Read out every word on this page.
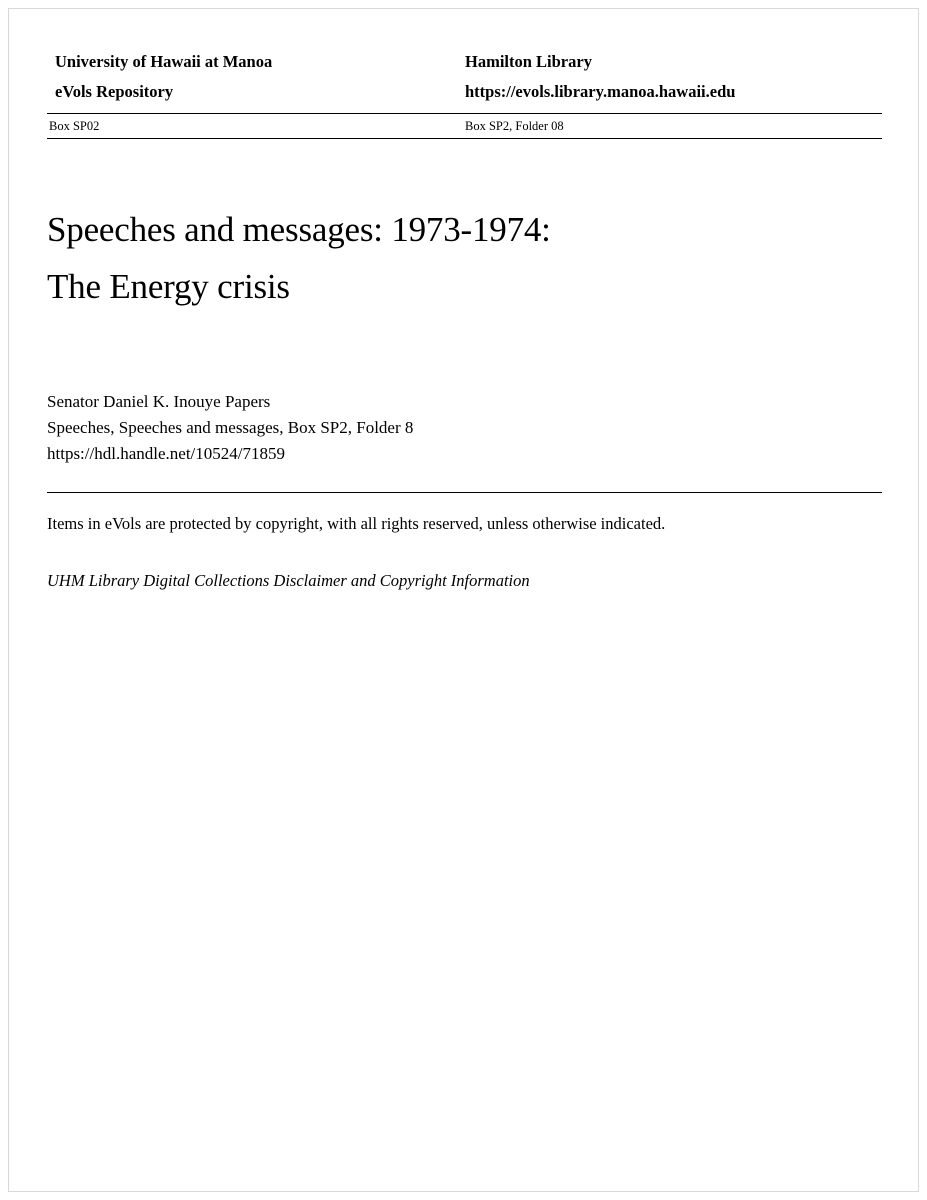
University of Hawaii at Manoa	Hamilton Library
eVols Repository	https://evols.library.manoa.hawaii.edu
Box SP02	Box SP2, Folder 08
Speeches and messages: 1973-1974:
The Energy crisis
Senator Daniel K. Inouye Papers
Speeches, Speeches and messages, Box SP2, Folder 8
https://hdl.handle.net/10524/71859
Items in eVols are protected by copyright, with all rights reserved, unless otherwise indicated.
UHM Library Digital Collections Disclaimer and Copyright Information
